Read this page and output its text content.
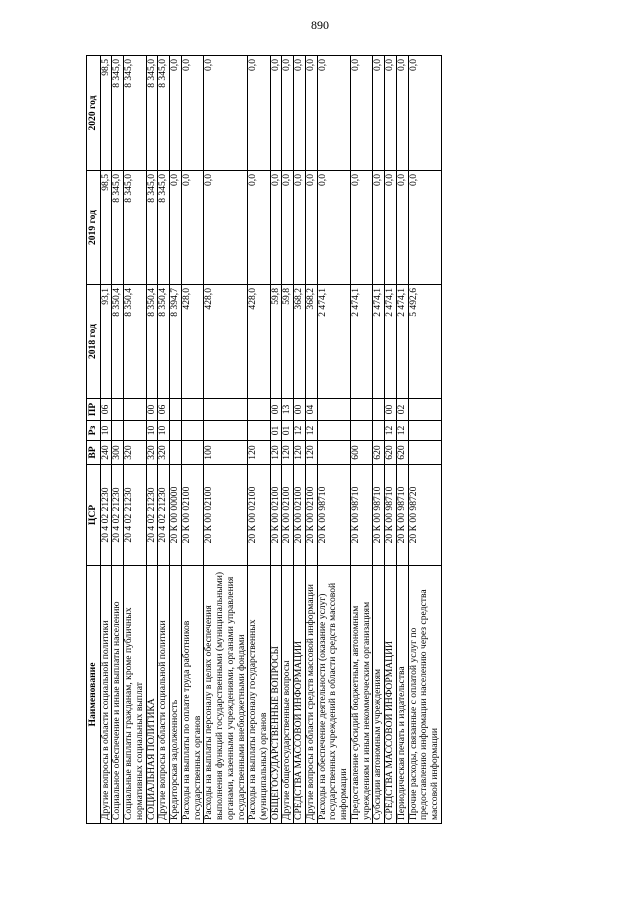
890
Наименование	ЦСР	ВР	Рз	ПР	2018 год	2019 год	2020 год
Другие вопросы в области социальной политики	20 4 02 21230	240	10	06	93,1	98,5	98,5
Социальное обеспечение и иные выплаты населению	20 4 02 21230	300			8 350,4	8 345,0	8 345,0
Социальные выплаты гражданам, кроме публичных нормативных социальных выплат	20 4 02 21230	320			8 350,4	8 345,0	8 345,0
СОЦИАЛЬНАЯ ПОЛИТИКА	20 4 02 21230	320	10	00	8 350,4	8 345,0	8 345,0
Другие вопросы в области социальной политики	20 4 02 21230	320	10	06	8 350,4	8 345,0	8 345,0
Кредиторская задолженность	20 К 00 00000				8 394,7	0,0	0,0
Расходы на выплаты по оплате труда работников государственных органов	20 К 00 02100				428,0	0,0	0,0
Расходы на выплаты персоналу в целях обеспечения выполнения функций государственными (муниципальными) органами, казенными учреждениями, органами управления государственными внебюджетными фондами	20 К 00 02100	100			428,0	0,0	0,0
Расходы на выплаты персоналу государственных (муниципальных) органов	20 К 00 02100	120			428,0	0,0	0,0
ОБЩЕГОСУДАРСТВЕННЫЕ ВОПРОСЫ	20 К 00 02100	120	01	00	59,8	0,0	0,0
Другие общегосударственные вопросы	20 К 00 02100	120	01	13	59,8	0,0	0,0
СРЕДСТВА МАССОВОЙ ИНФОРМАЦИИ	20 К 00 02100	120	12	00	368,2	0,0	0,0
Другие вопросы в области средств массовой информации	20 К 00 02100	120	12	04	368,2	0,0	0,0
Расходы на обеспечение деятельности (оказание услуг) государственных учреждений в области средств массовой информации	20 К 00 98710				2 474,1	0,0	0,0
Предоставление субсидий бюджетным, автономным учреждениям и иным некоммерческим организациям	20 К 00 98710	600			2 474,1	0,0	0,0
Субсидии автономным учреждениям	20 К 00 98710	620			2 474,1	0,0	0,0
СРЕДСТВА МАССОВОЙ ИНФОРМАЦИИ	20 К 00 98710	620	12	00	2 474,1	0,0	0,0
Периодическая печать и издательства	20 К 00 98710	620	12	02	2 474,1	0,0	0,0
Прочие расходы, связанные с оплатой услуг по предоставлению информации населению через средства массовой информации	20 К 00 98720				5 492,6	0,0	0,0
